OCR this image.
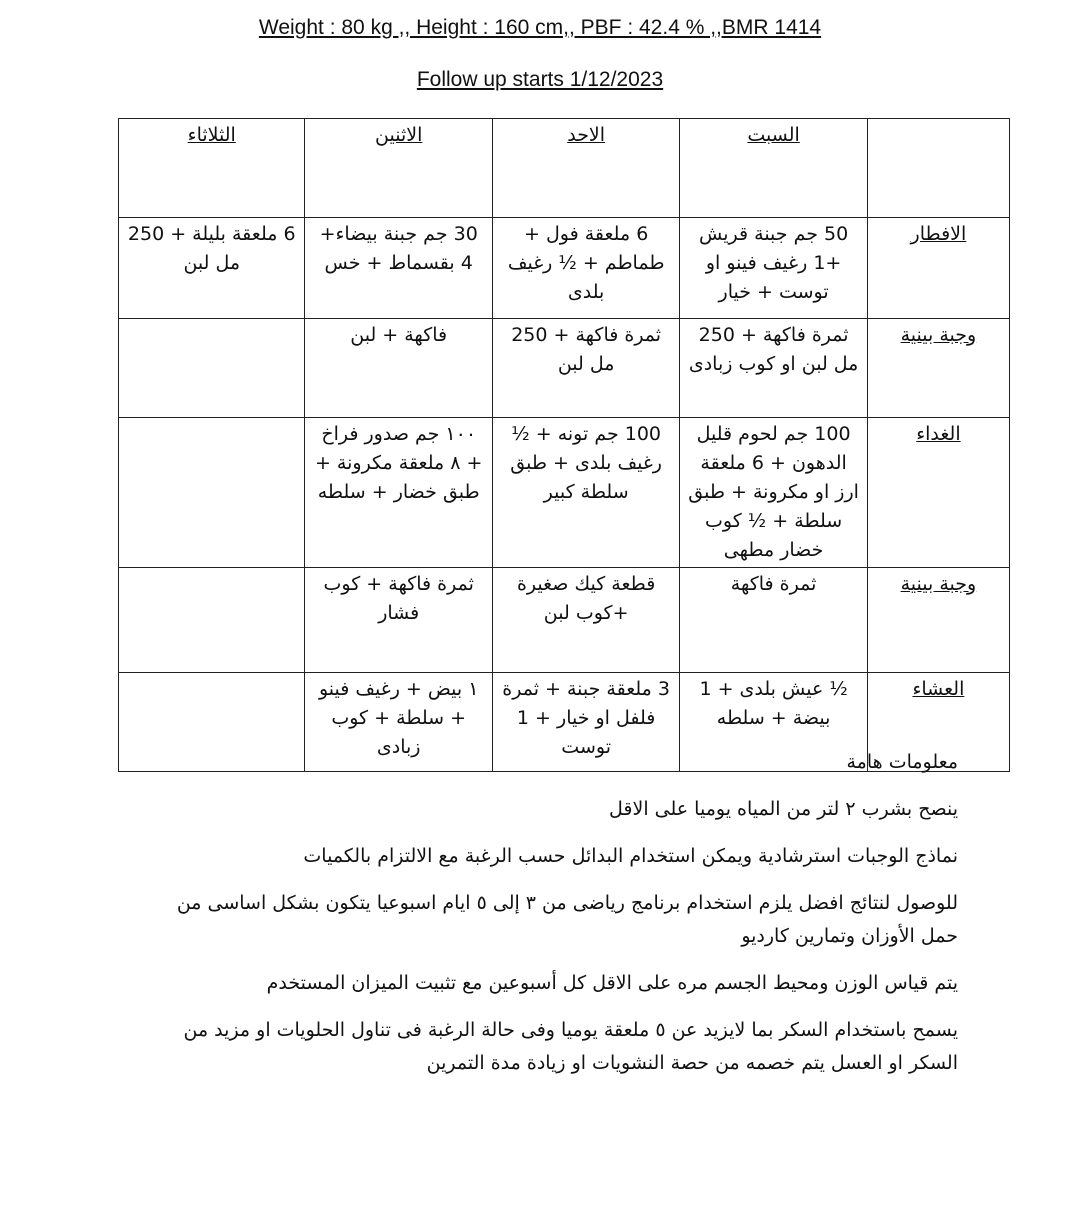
Weight : 80 kg ,, Height : 160 cm,, PBF : 42.4 % ,,BMR 1414
Follow up starts 1/12/2023
	السبت	الاحد	الاثنين	الثلاثاء
الافطار	50 جم جبنة قريش +1 رغيف فينو او توست + خيار	6 ملعقة فول + طماطم + ½ رغيف بلدى	30 جم جبنة بيضاء+ 4 بقسماط + خس	6 ملعقة بليلة + 250 مل لبن
وجبة بينية	ثمرة فاكهة + 250 مل لبن او كوب زبادى	ثمرة فاكهة + 250 مل لبن	فاكهة + لبن	
الغداء	100 جم لحوم قليل الدهون + 6 ملعقة ارز او مكرونة + طبق سلطة + ½ كوب خضار مطهى	100 جم تونه + ½ رغيف بلدى + طبق سلطة كبير	١٠٠ جم صدور فراخ + ٨ ملعقة مكرونة + طبق خضار + سلطه	
وجبة بينية	ثمرة فاكهة	قطعة كيك صغيرة +كوب لبن	ثمرة فاكهة + كوب فشار	
العشاء	½ عيش بلدى + 1 بيضة + سلطه	3 ملعقة جبنة + ثمرة فلفل او خيار + 1 توست	١ بيض + رغيف فينو + سلطة + كوب زبادى	
معلومات هامة

ينصح بشرب ٢ لتر من المياه يوميا على الاقل

نماذج الوجبات استرشادية ويمكن استخدام البدائل حسب الرغبة مع الالتزام بالكميات

للوصول لنتائج افضل يلزم استخدام برنامج رياضى من ٣ إلى ٥ ايام اسبوعيا يتكون بشكل اساسى من حمل الأوزان وتمارين كارديو

يتم قياس الوزن ومحيط الجسم مره على الاقل كل أسبوعين مع تثبيت الميزان المستخدم

يسمح باستخدام السكر بما لايزيد عن ٥ ملعقة يوميا وفى حالة الرغبة فى تناول الحلويات او مزيد من السكر او العسل يتم خصمه من حصة النشويات او زيادة مدة التمرين
